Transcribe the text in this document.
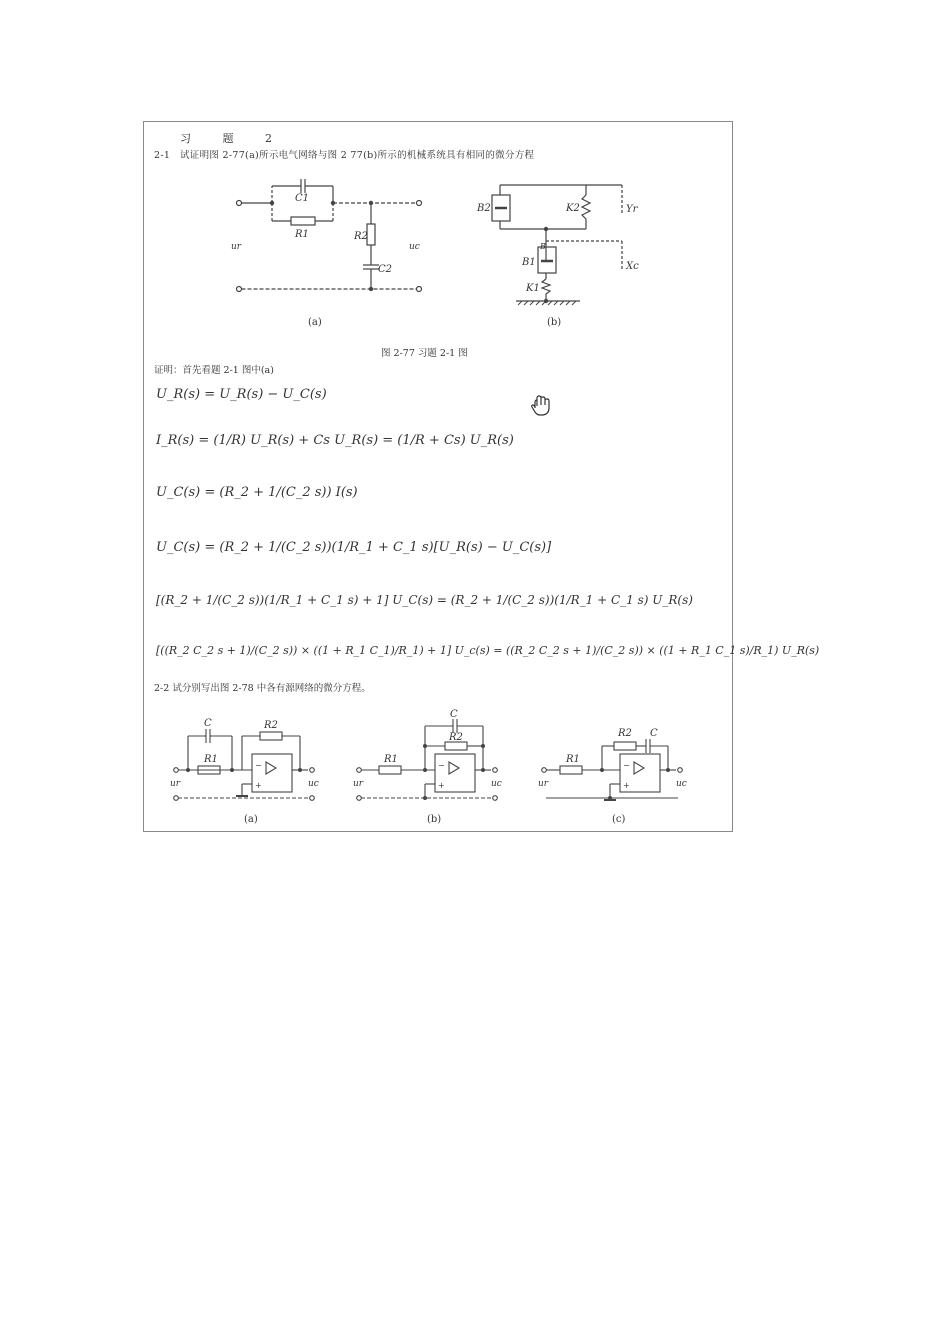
习 题 2
2-1　试证明图 2-77(a)所示电气网络与图 2 77(b)所示的机械系统具有相同的微分方程
C1
R1	R2
C2
ur	uc
(a)
B2	K2	Yr
B
B1	Xc
K1
(b)
图 2-77 习题 2-1 图
证明：首先看题 2-1 图中(a)
U_R(s) = U_R(s) − U_C(s)
I_R(s) = (1/R) U_R(s) + Cs U_R(s) = (1/R + Cs) U_R(s)
U_C(s) = (R_2 + 1/(C_2 s)) I(s)
U_C(s) = (R_2 + 1/(C_2 s))(1/R_1 + C_1 s)[U_R(s) − U_C(s)]
[(R_2 + 1/(C_2 s))(1/R_1 + C_1 s) + 1] U_C(s) = (R_2 + 1/(C_2 s))(1/R_1 + C_1 s) U_R(s)
[((R_2 C_2 s + 1)/(C_2 s)) × ((1 + R_1 C_1)/R_1) + 1] U_c(s) = ((R_2 C_2 s + 1)/(C_2 s)) × ((1 + R_1 C_1 s)/R_1) U_R(s)
2-2 试分别写出图 2-78 中各有源网络的微分方程。
−
+
C
R1
R2
ur	uc
(a)
−
+
C
R1
R2
ur	uc
(b)
−
+
C
R1
R2
ur	uc
(c)
